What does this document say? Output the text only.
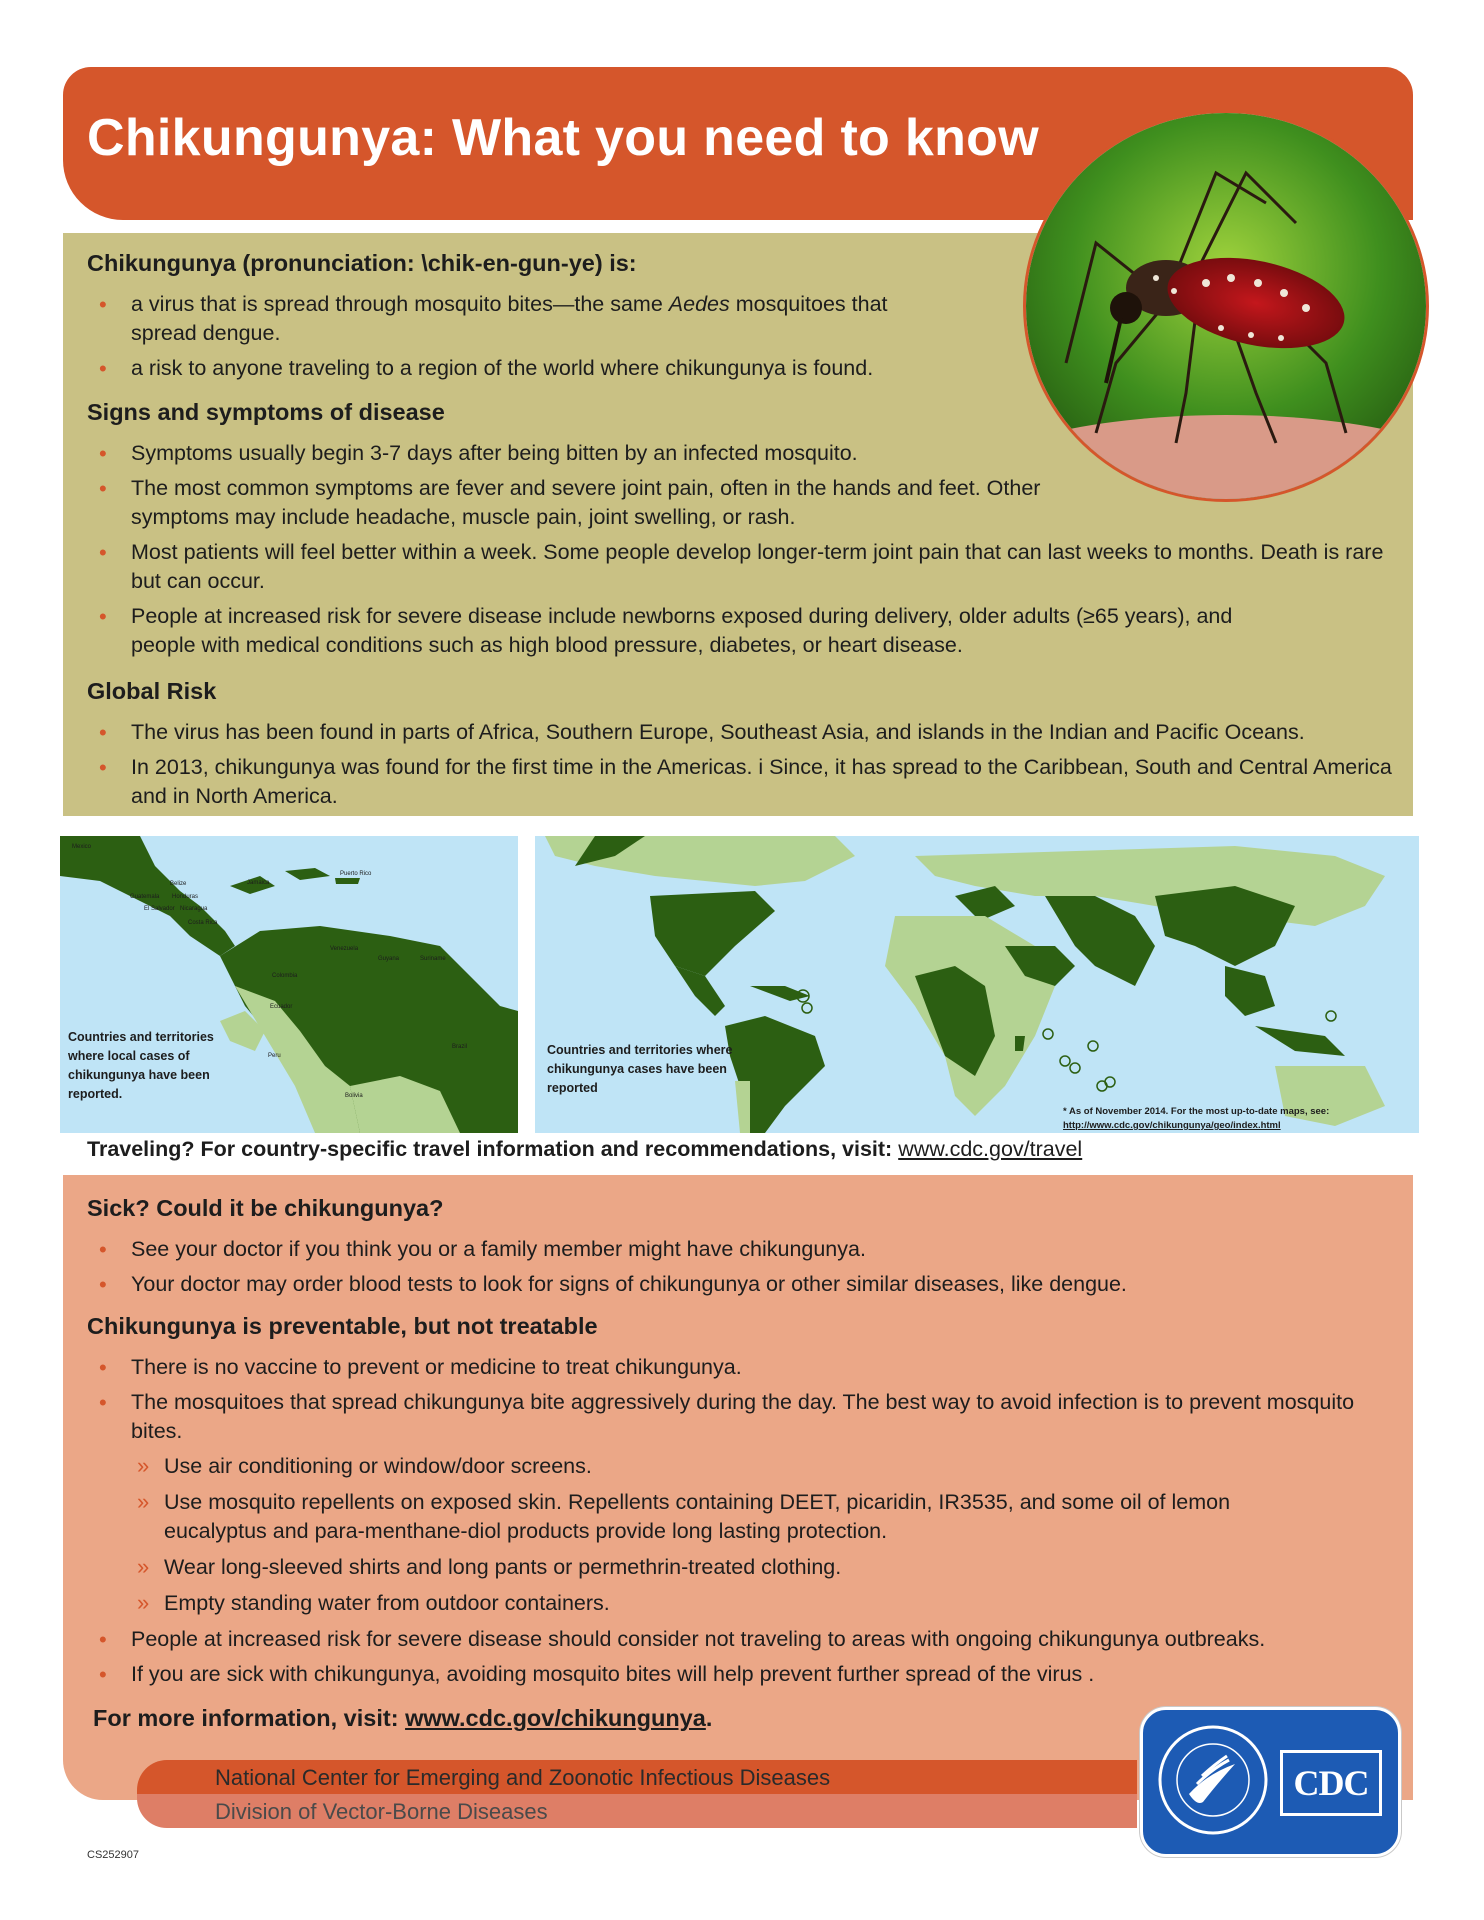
Chikungunya: What you need to know
Chikungunya (pronunciation: \chik-en-gun-ye) is:
• a virus that is spread through mosquito bites—the same Aedes mosquitoes that spread dengue.
• a risk to anyone traveling to a region of the world where chikungunya is found.
Signs and symptoms of disease
• Symptoms usually begin 3-7 days after being bitten by an infected mosquito.
• The most common symptoms are fever and severe joint pain, often in the hands and feet. Other symptoms may include headache, muscle pain, joint swelling, or rash.
• Most patients will feel better within a week. Some people develop longer-term joint pain that can last weeks to months. Death is rare but can occur.
• People at increased risk for severe disease include newborns exposed during delivery, older adults (≥65 years), and people with medical conditions such as high blood pressure, diabetes, or heart disease.
Global Risk
• The virus has been found in parts of Africa, Southern Europe, Southeast Asia, and islands in the Indian and Pacific Oceans.
• In 2013, chikungunya was found for the first time in the Americas. i Since, it has spread to the Caribbean, South and Central America and in North America.
Mexico
Belize	Jamaica
Puerto Rico
Guatemala Honduras
El Salvador Nicaragua
Costa Rica
Venezuela
Colombia
Guyana	Suriname
Ecuador
Peru
Brazil
Bolivia
Countries and territories where local cases of chikungunya have been reported.
Countries and territories where chikungunya cases have been reported
* As of November 2014. For the most up-to-date maps, see:
http://www.cdc.gov/chikungunya/geo/index.html
Traveling? For country-specific travel information and recommendations, visit: www.cdc.gov/travel
Sick? Could it be chikungunya?
• See your doctor if you think you or a family member might have chikungunya.
• Your doctor may order blood tests to look for signs of chikungunya or other similar diseases, like dengue.
Chikungunya is preventable, but not treatable
• There is no vaccine to prevent or medicine to treat chikungunya.
• The mosquitoes that spread chikungunya bite aggressively during the day. The best way to avoid infection is to prevent mosquito bites.
» Use air conditioning or window/door screens.
» Use mosquito repellents on exposed skin. Repellents containing DEET, picaridin, IR3535, and some oil of lemon eucalyptus and para-menthane-diol products provide long lasting protection.
» Wear long-sleeved shirts and long pants or permethrin-treated clothing.
» Empty standing water from outdoor containers.
• People at increased risk for severe disease should consider not traveling to areas with ongoing chikungunya outbreaks.
• If you are sick with chikungunya, avoiding mosquito bites will help prevent further spread of the virus .
For more information, visit: www.cdc.gov/chikungunya.
National Center for Emerging and Zoonotic Infectious Diseases
Division of Vector-Borne Diseases
CDC
CS252907
